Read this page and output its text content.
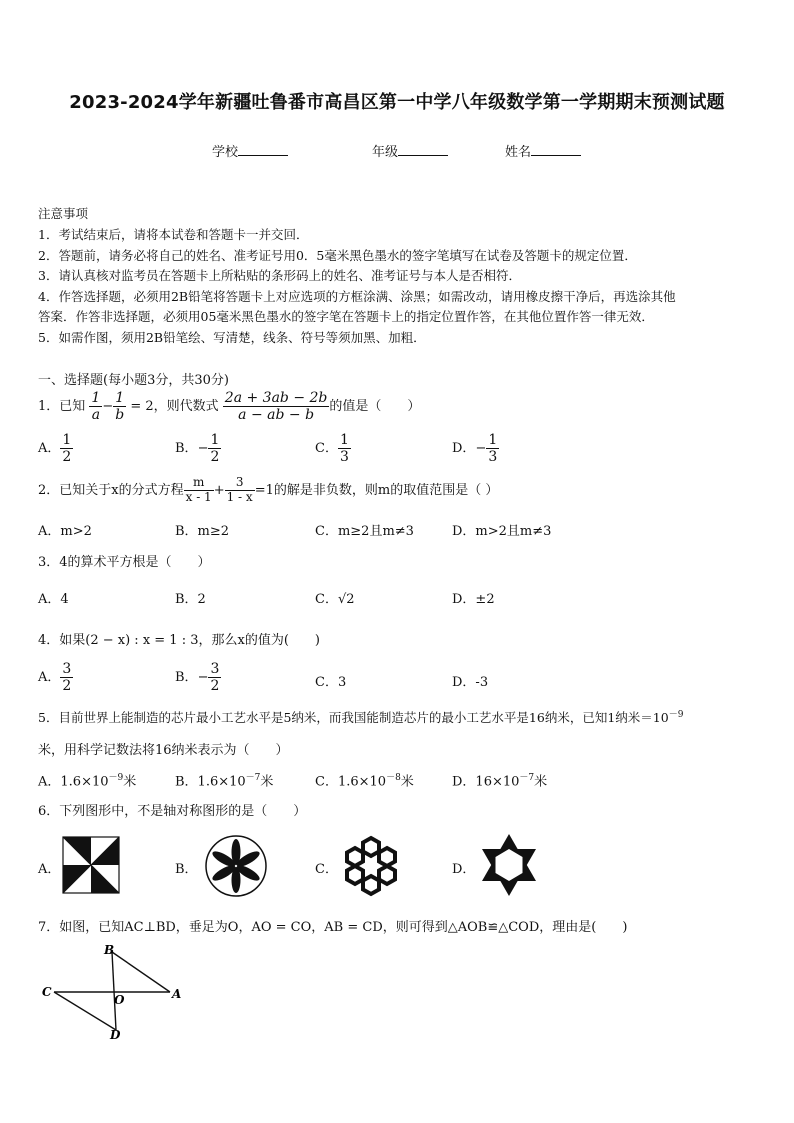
2023-2024学年新疆吐鲁番市高昌区第一中学八年级数学第一学期期末预测试题
学校	年级	姓名
注意事项
1．考试结束后，请将本试卷和答题卡一并交回．
2．答题前，请务必将自己的姓名、准考证号用0．5毫米黑色墨水的签字笔填写在试卷及答题卡的规定位置．
3．请认真核对监考员在答题卡上所粘贴的条形码上的姓名、准考证号与本人是否相符．
4．作答选择题，必须用2B铅笔将答题卡上对应选项的方框涂满、涂黑；如需改动，请用橡皮擦干净后，再选涂其他
答案．作答非选择题，必须用05毫米黑色墨水的签字笔在答题卡上的指定位置作答，在其他位置作答一律无效．
5．如需作图，须用2B铅笔绘、写清楚，线条、符号等须加黑、加粗．
一、选择题(每小题3分，共30分)
1．已知 $\frac{1}{a} - \frac{1}{b} = 2$，则代数式 $\frac{2a + 3ab - 2b}{a - ab - b}$ 的值是（　　）
A． $\frac{1}{2}$	B．− $\frac{1}{2}$	C． $\frac{1}{3}$	D．− $\frac{1}{3}$
2．已知关于x的分式方程 $\frac{m}{x - 1} + \frac{3}{1 - x} =1$的解是非负数，则m的取值范围是（ ）
A．m>2	B．m≥2	C．m≥2且m≠3	D．m>2且m≠3
3．4的算术平方根是（　　）
A．4	B．2	C．√2	D．±2
4．如果(2 − x) : x = 1 : 3，那么x的值为(　　)
A． $\frac{3}{2}$	B．− $\frac{3}{2}$	C．3	D．-3
5．目前世界上能制造的芯片最小工艺水平是5纳米，而我国能制造芯片的最小工艺水平是16纳米，已知1纳米$=10^{-9}$
米，用科学记数法将16纳米表示为（　　）
A．$1.6\times 10^{-9}$米	B．$1.6\times 10^{-7}$米	C．$1.6\times 10^{-8}$米	D．$16\times 10^{-7}$米
6．下列图形中，不是轴对称图形的是（　　）
A．	B．	C．	D．
7．如图，已知AC⊥BD，垂足为O，AO = CO，AB = CD，则可得到△AOB≌△COD，理由是(　　)
B
C
O	A
D
